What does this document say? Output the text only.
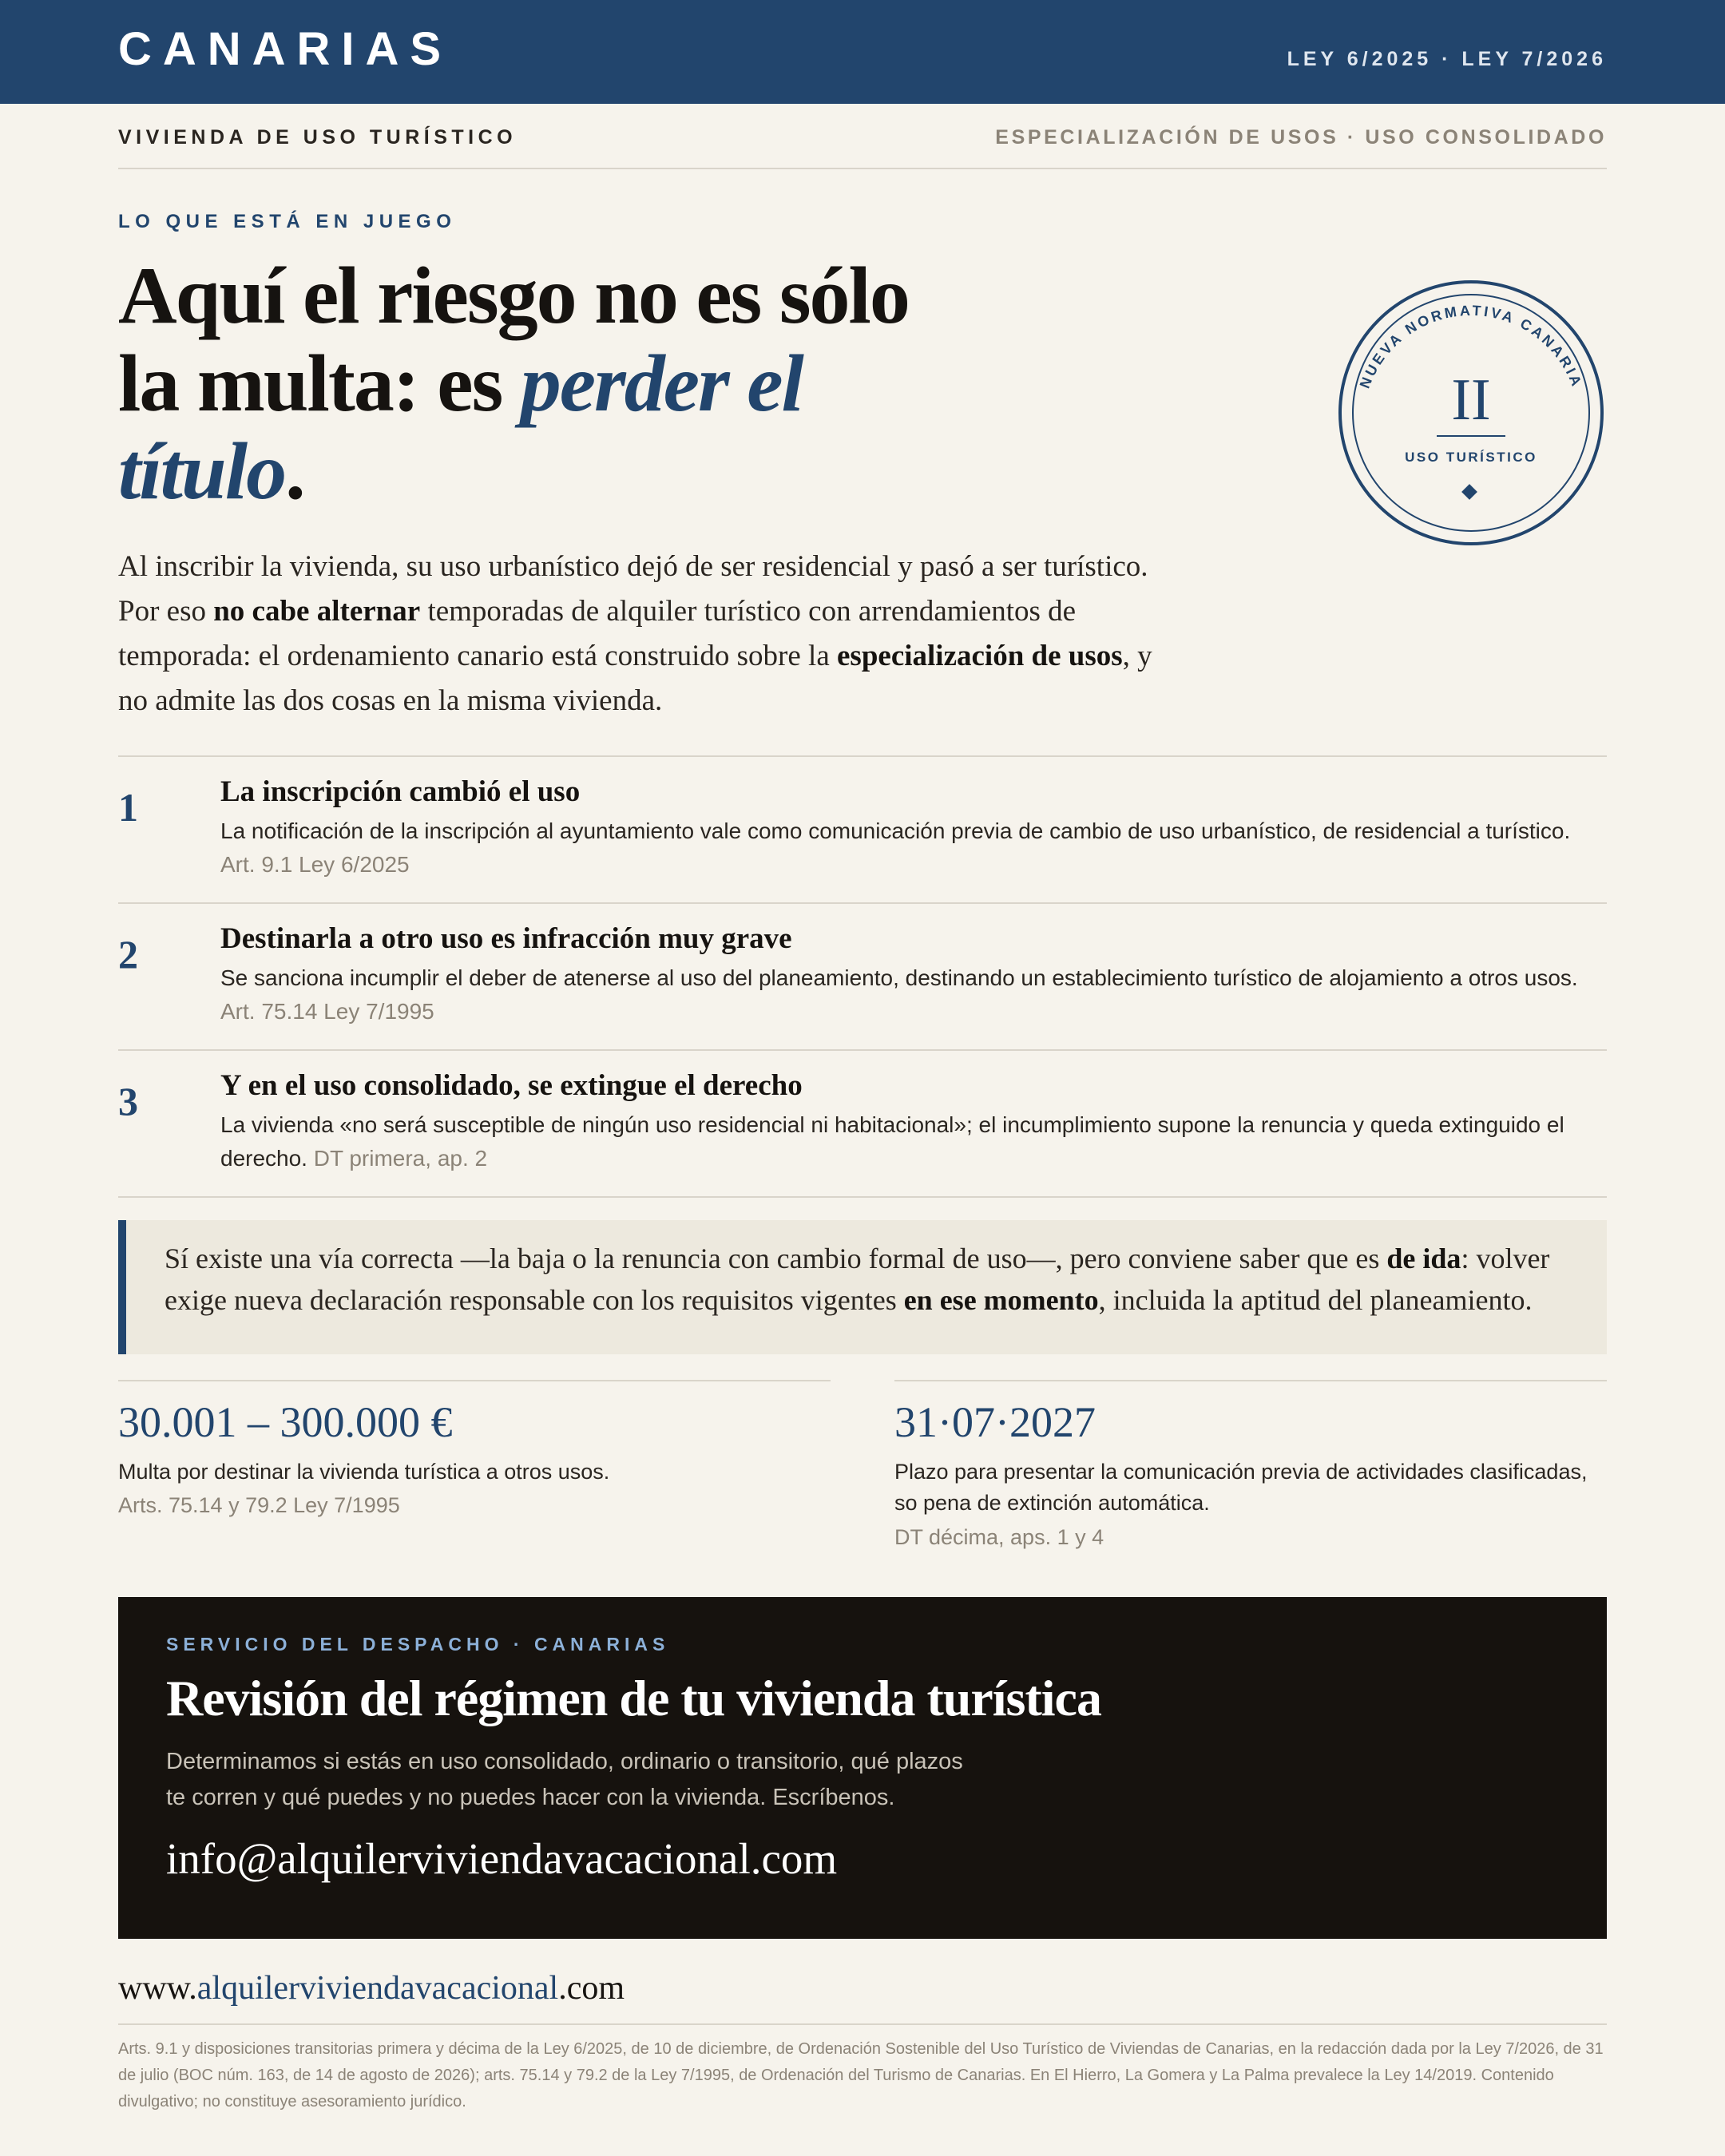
CANARIAS	LEY 6/2025 · LEY 7/2026
VIVIENDA DE USO TURÍSTICO	ESPECIALIZACIÓN DE USOS · USO CONSOLIDADO
LO QUE ESTÁ EN JUEGO
Aquí el riesgo no es sólo
la multa: es perder el
título.
NUEVA NORMATIVA CANARIA
II
USO TURÍSTICO
Al inscribir la vivienda, su uso urbanístico dejó de ser residencial y pasó a ser turístico. Por eso no cabe alternar temporadas de alquiler turístico con arrendamientos de temporada: el ordenamiento canario está construido sobre la especialización de usos, y no admite las dos cosas en la misma vivienda.
1	La inscripción cambió el uso
La notificación de la inscripción al ayuntamiento vale como comunicación previa de cambio de uso urbanístico, de residencial a turístico. Art. 9.1 Ley 6/2025
2	Destinarla a otro uso es infracción muy grave
Se sanciona incumplir el deber de atenerse al uso del planeamiento, destinando un establecimiento turístico de alojamiento a otros usos. Art. 75.14 Ley 7/1995
3	Y en el uso consolidado, se extingue el derecho
La vivienda «no será susceptible de ningún uso residencial ni habitacional»; el incumplimiento supone la renuncia y queda extinguido el derecho. DT primera, ap. 2
Sí existe una vía correcta —la baja o la renuncia con cambio formal de uso—, pero conviene saber que es de ida: volver exige nueva declaración responsable con los requisitos vigentes en ese momento, incluida la aptitud del planeamiento.
30.001 – 300.000 €
Multa por destinar la vivienda turística a otros usos.
Arts. 75.14 y 79.2 Ley 7/1995
31·07·2027
Plazo para presentar la comunicación previa de actividades clasificadas, so pena de extinción automática.
DT décima, aps. 1 y 4
SERVICIO DEL DESPACHO · CANARIAS
Revisión del régimen de tu vivienda turística
Determinamos si estás en uso consolidado, ordinario o transitorio, qué plazos
te corren y qué puedes y no puedes hacer con la vivienda. Escríbenos.
info@alquilerviviendavacacional.com
www.alquilerviviendavacacional.com
Arts. 9.1 y disposiciones transitorias primera y décima de la Ley 6/2025, de 10 de diciembre, de Ordenación Sostenible del Uso Turístico de Viviendas de Canarias, en la redacción dada por la Ley 7/2026, de 31 de julio (BOC núm. 163, de 14 de agosto de 2026); arts. 75.14 y 79.2 de la Ley 7/1995, de Ordenación del Turismo de Canarias. En El Hierro, La Gomera y La Palma prevalece la Ley 14/2019. Contenido divulgativo; no constituye asesoramiento jurídico.
